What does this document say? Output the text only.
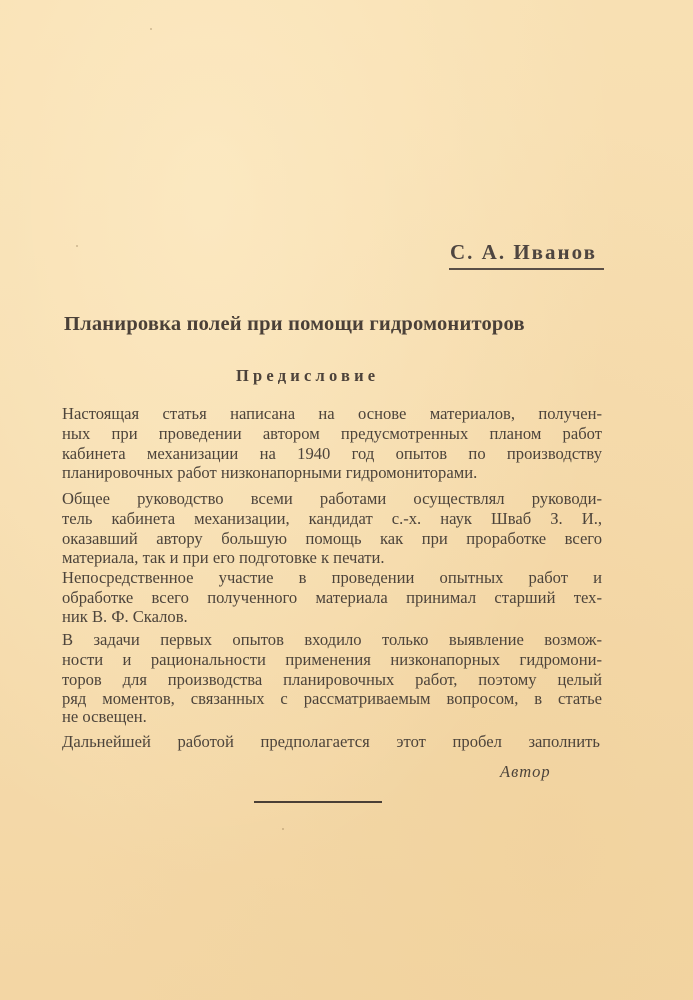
С. А. Иванов
Планировка полей при помощи гидромониторов
Предисловие
Настоящая статья написана на основе материалов, получен-
ных при проведении автором предусмотренных планом работ
кабинета механизации на 1940 год опытов по производству
планировочных работ низконапорными гидромониторами.
Общее руководство всеми работами осуществлял руководи-
тель кабинета механизации, кандидат с.-х. наук Шваб З. И.,
оказавший автору большую помощь как при проработке всего
материала, так и при его подготовке к печати.
Непосредственное участие в проведении опытных работ и
обработке всего полученного материала принимал старший тех-
ник В. Ф. Скалов.
В задачи первых опытов входило только выявление возмож-
ности и рациональности применения низконапорных гидромони-
торов для производства планировочных работ, поэтому целый
ряд моментов, связанных с рассматриваемым вопросом, в статье
не освещен.
Дальнейшей работой предполагается этот пробел заполнить
Автор
